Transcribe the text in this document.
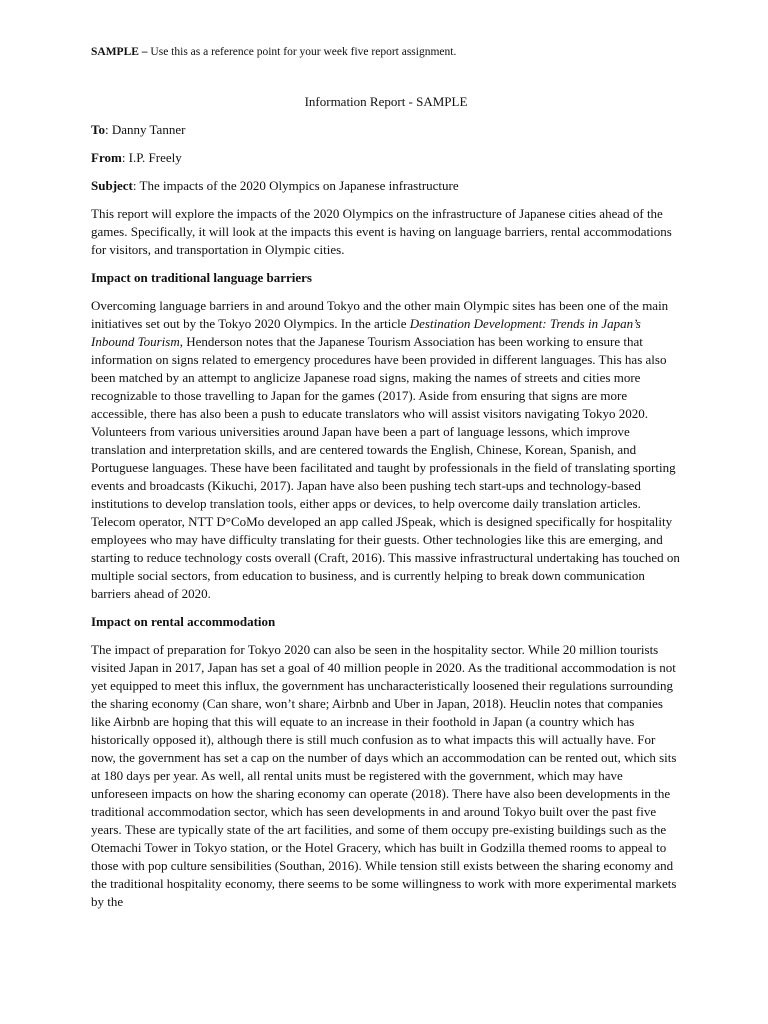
SAMPLE – Use this as a reference point for your week five report assignment.

Information Report - SAMPLE

To: Danny Tanner

From: I.P. Freely

Subject: The impacts of the 2020 Olympics on Japanese infrastructure

This report will explore the impacts of the 2020 Olympics on the infrastructure of Japanese cities ahead of the games. Specifically, it will look at the impacts this event is having on language barriers, rental accommodations for visitors, and transportation in Olympic cities.

Impact on traditional language barriers

Overcoming language barriers in and around Tokyo and the other main Olympic sites has been one of the main initiatives set out by the Tokyo 2020 Olympics. In the article Destination Development: Trends in Japan’s Inbound Tourism, Henderson notes that the Japanese Tourism Association has been working to ensure that information on signs related to emergency procedures have been provided in different languages. This has also been matched by an attempt to anglicize Japanese road signs, making the names of streets and cities more recognizable to those travelling to Japan for the games (2017). Aside from ensuring that signs are more accessible, there has also been a push to educate translators who will assist visitors navigating Tokyo 2020. Volunteers from various universities around Japan have been a part of language lessons, which improve translation and interpretation skills, and are centered towards the English, Chinese, Korean, Spanish, and Portuguese languages. These have been facilitated and taught by professionals in the field of translating sporting events and broadcasts (Kikuchi, 2017). Japan have also been pushing tech start-ups and technology-based institutions to develop translation tools, either apps or devices, to help overcome daily translation articles. Telecom operator, NTT D°CoMo developed an app called JSpeak, which is designed specifically for hospitality employees who may have difficulty translating for their guests. Other technologies like this are emerging, and starting to reduce technology costs overall (Craft, 2016). This massive infrastructural undertaking has touched on multiple social sectors, from education to business, and is currently helping to break down communication barriers ahead of 2020.

Impact on rental accommodation

The impact of preparation for Tokyo 2020 can also be seen in the hospitality sector. While 20 million tourists visited Japan in 2017, Japan has set a goal of 40 million people in 2020. As the traditional accommodation is not yet equipped to meet this influx, the government has uncharacteristically loosened their regulations surrounding the sharing economy (Can share, won’t share; Airbnb and Uber in Japan, 2018). Heuclin notes that companies like Airbnb are hoping that this will equate to an increase in their foothold in Japan (a country which has historically opposed it), although there is still much confusion as to what impacts this will actually have. For now, the government has set a cap on the number of days which an accommodation can be rented out, which sits at 180 days per year. As well, all rental units must be registered with the government, which may have unforeseen impacts on how the sharing economy can operate (2018). There have also been developments in the traditional accommodation sector, which has seen developments in and around Tokyo built over the past five years. These are typically state of the art facilities, and some of them occupy pre-existing buildings such as the Otemachi Tower in Tokyo station, or the Hotel Gracery, which has built in Godzilla themed rooms to appeal to those with pop culture sensibilities (Southan, 2016). While tension still exists between the sharing economy and the traditional hospitality economy, there seems to be some willingness to work with more experimental markets by the
